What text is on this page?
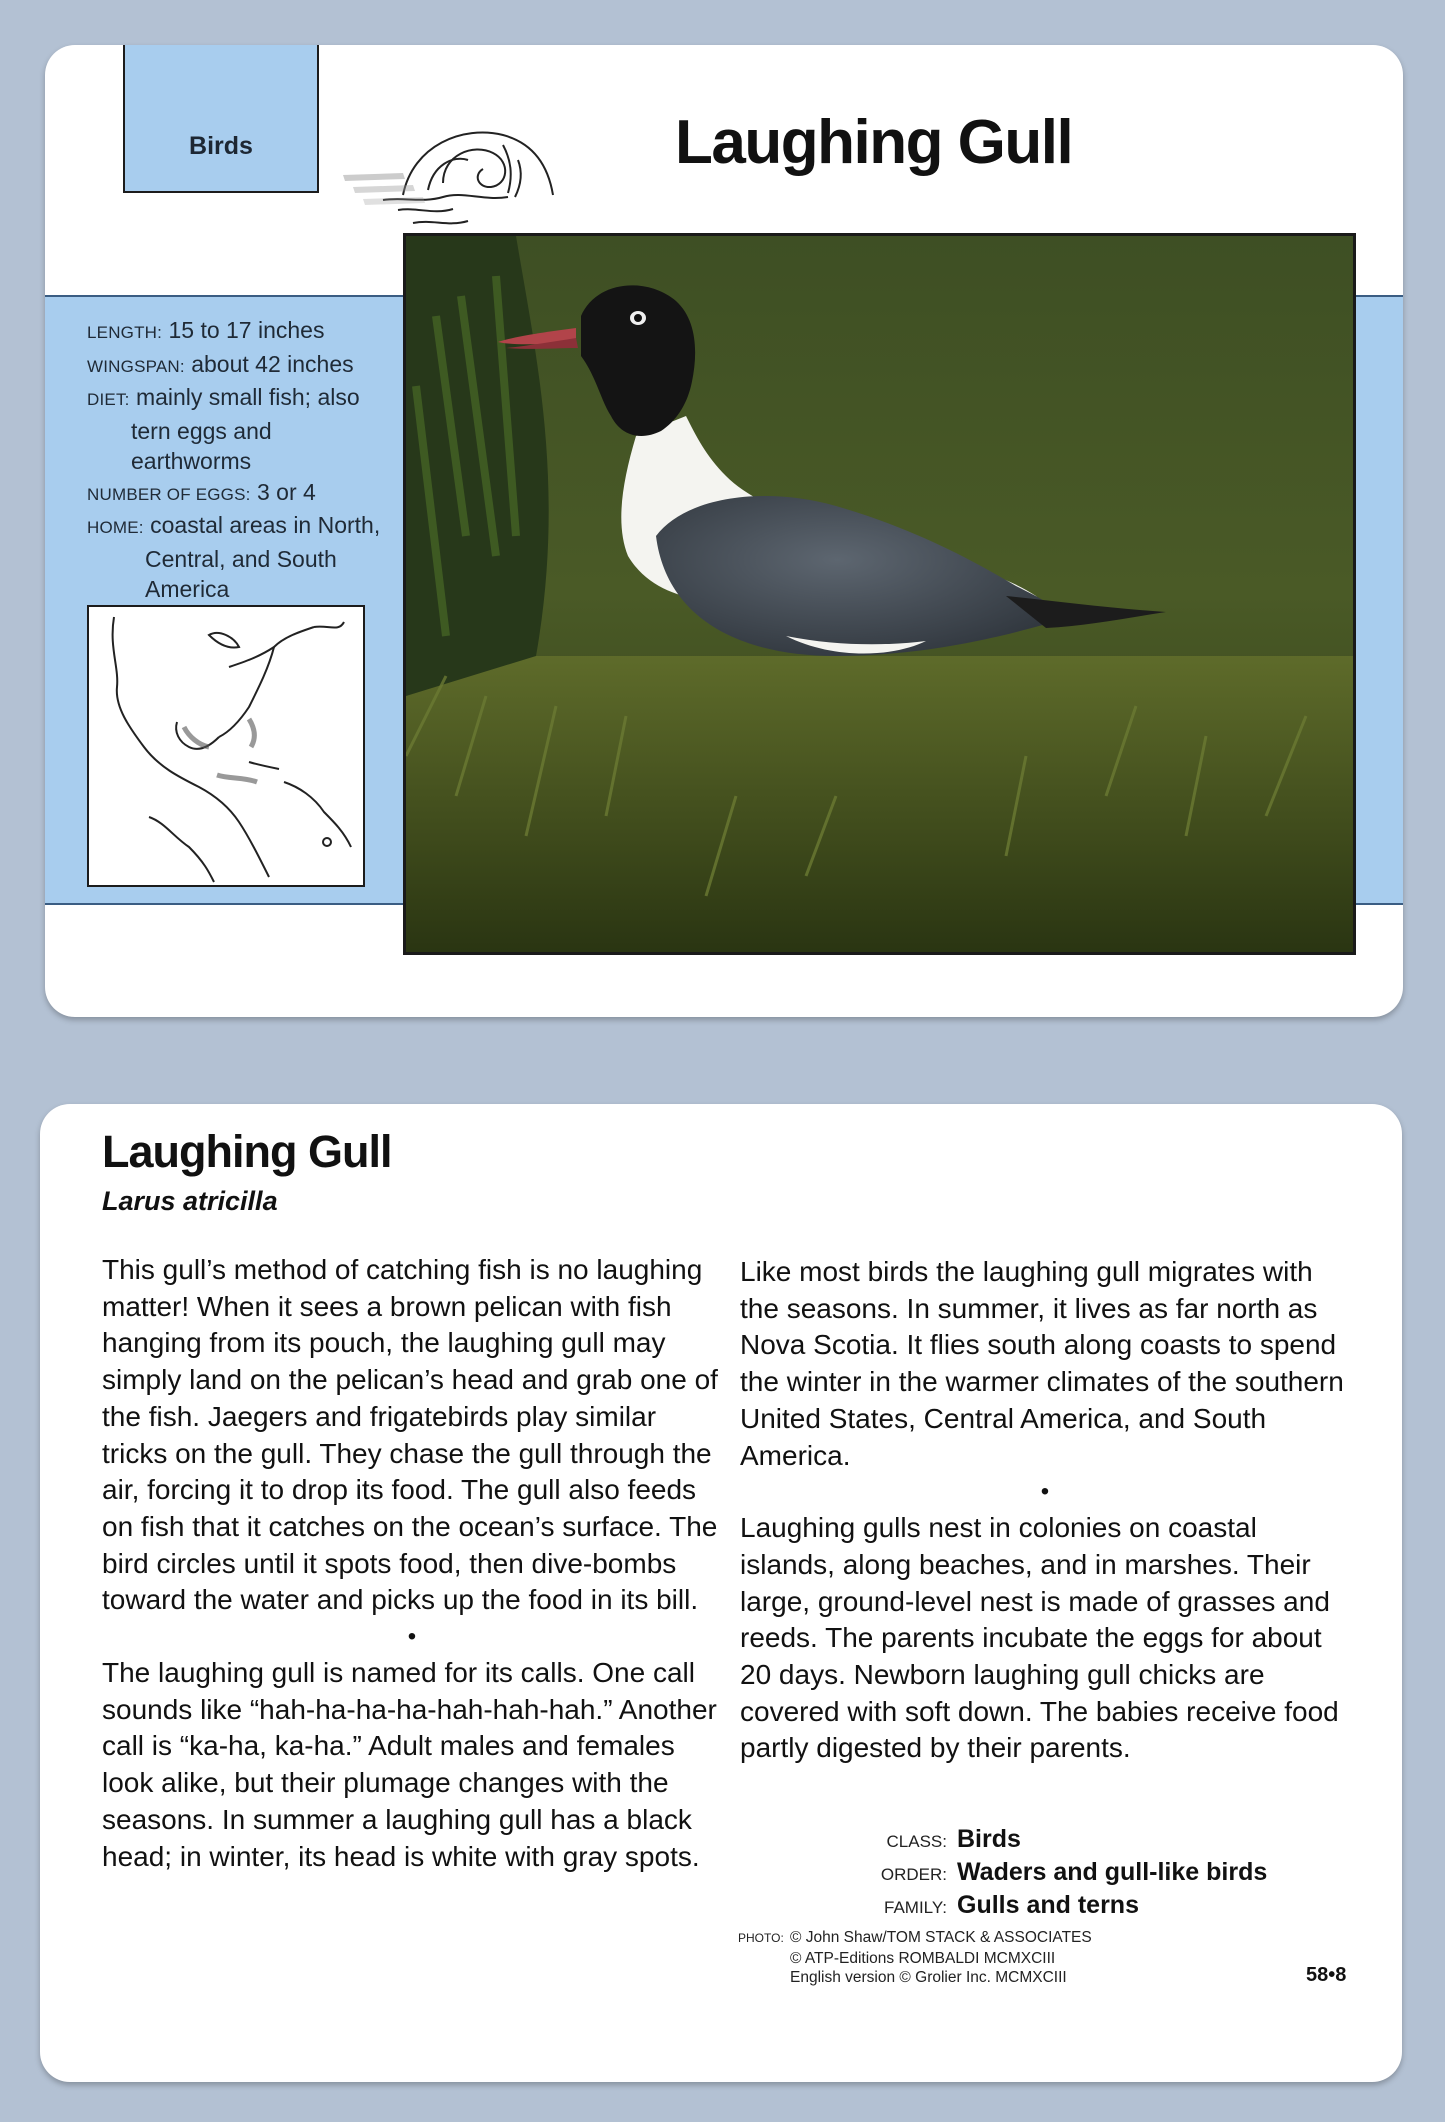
Birds	Laughing Gull
LENGTH: 15 to 17 inches
WINGSPAN: about 42 inches
DIET: mainly small fish; also
tern eggs and
earthworms
NUMBER OF EGGS: 3 or 4
HOME: coastal areas in North,
Central, and South
America
Laughing Gull
Larus atricilla

This gull’s method of catching fish is no laughing matter! When it sees a brown pelican with fish hanging from its pouch, the laughing gull may simply land on the pelican’s head and grab one of the fish. Jaegers and frigatebirds play similar tricks on the gull. They chase the gull through the air, forcing it to drop its food. The gull also feeds on fish that it catches on the ocean’s surface. The bird circles until it spots food, then dive-bombs toward the water and picks up the food in its bill.

•

The laughing gull is named for its calls. One call sounds like “hah-ha-ha-ha-hah-hah-hah.” Another call is “ka-ha, ka-ha.” Adult males and females look alike, but their plumage changes with the seasons. In summer a laughing gull has a black head; in winter, its head is white with gray spots.

Like most birds the laughing gull migrates with the seasons. In summer, it lives as far north as Nova Scotia. It flies south along coasts to spend the winter in the warmer climates of the southern United States, Central America, and South America.

•

Laughing gulls nest in colonies on coastal islands, along beaches, and in marshes. Their large, ground-level nest is made of grasses and reeds. The parents incubate the eggs for about 20 days. Newborn laughing gull chicks are covered with soft down. The babies receive food partly digested by their parents.

CLASS: Birds
ORDER: Waders and gull-like birds
FAMILY: Gulls and terns
PHOTO: © John Shaw/TOM STACK & ASSOCIATES
© ATP-Editions ROMBALDI MCMXCIII
English version © Grolier Inc. MCMXCIII	58•8
